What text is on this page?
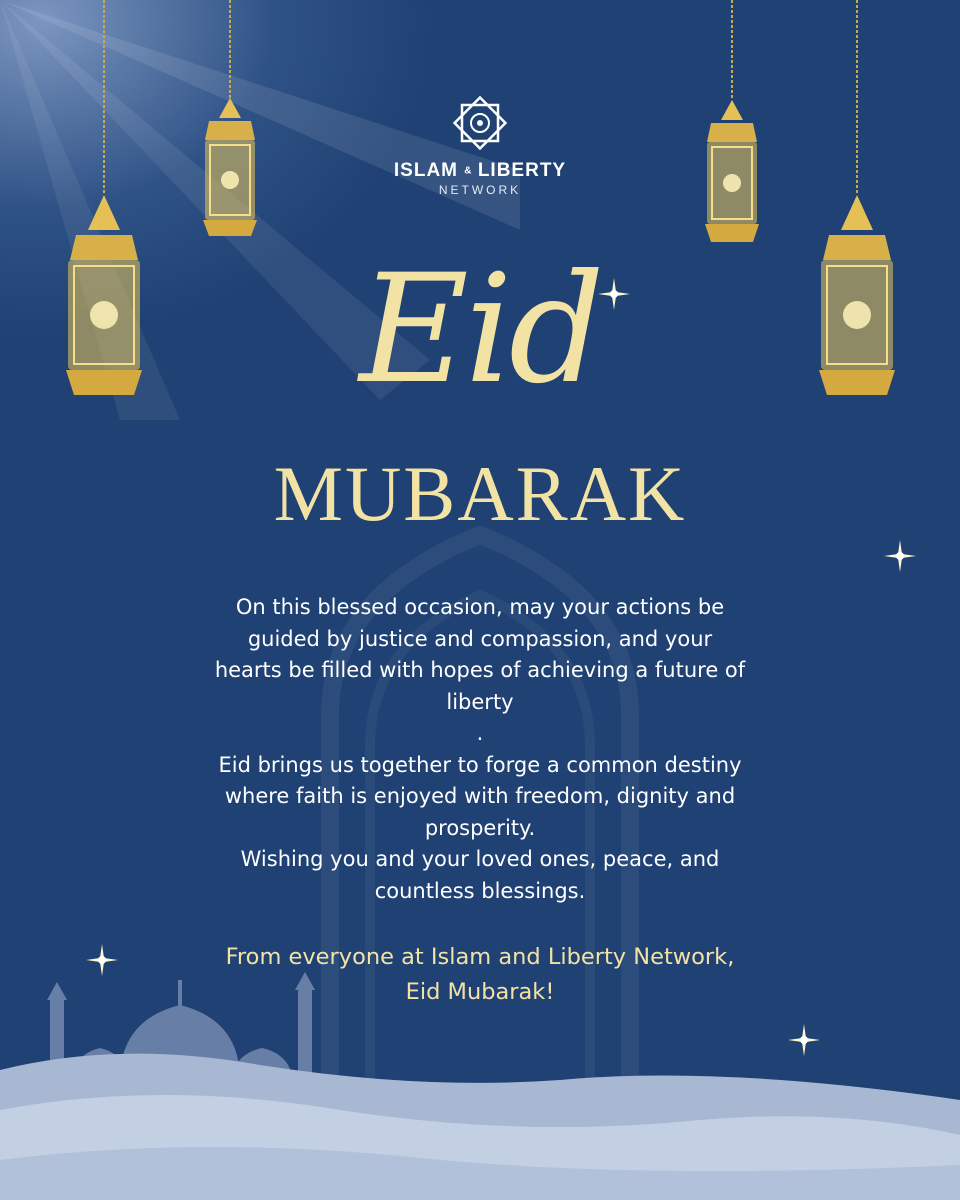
ISLAM & LIBERTY
NETWORK
Eid
MUBARAK

On this blessed occasion, may your actions be

guided by justice and compassion, and your

hearts be filled with hopes of achieving a future of

liberty

.

Eid brings us together to forge a common destiny

where faith is enjoyed with freedom, dignity and

prosperity.

Wishing you and your loved ones, peace, and

countless blessings.

From everyone at Islam and Liberty Network,

Eid Mubarak!
